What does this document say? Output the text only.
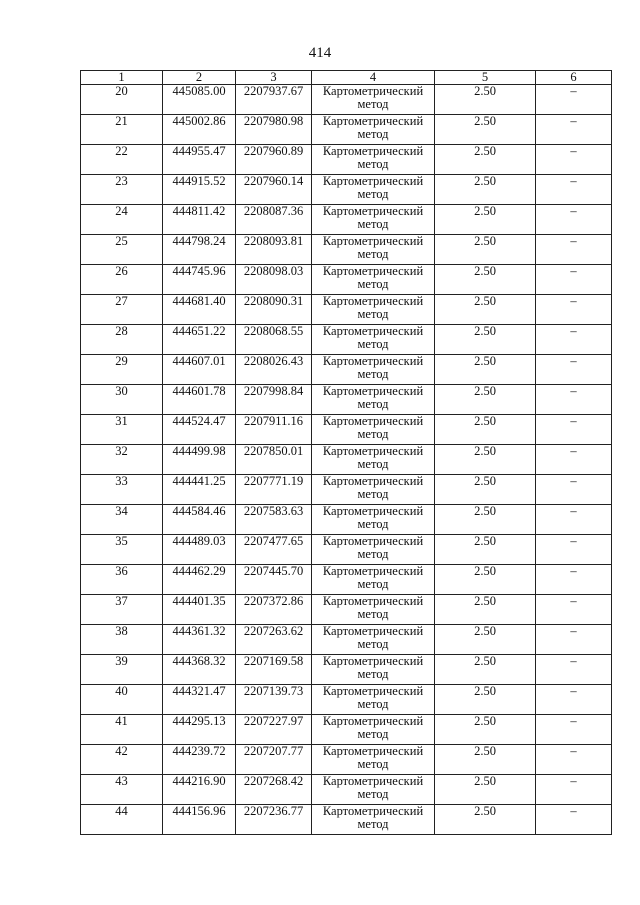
414
1	2	3	4	5	6
20	445085.00	2207937.67	Картометрический метод	2.50	–
21	445002.86	2207980.98	Картометрический метод	2.50	–
22	444955.47	2207960.89	Картометрический метод	2.50	–
23	444915.52	2207960.14	Картометрический метод	2.50	–
24	444811.42	2208087.36	Картометрический метод	2.50	–
25	444798.24	2208093.81	Картометрический метод	2.50	–
26	444745.96	2208098.03	Картометрический метод	2.50	–
27	444681.40	2208090.31	Картометрический метод	2.50	–
28	444651.22	2208068.55	Картометрический метод	2.50	–
29	444607.01	2208026.43	Картометрический метод	2.50	–
30	444601.78	2207998.84	Картометрический метод	2.50	–
31	444524.47	2207911.16	Картометрический метод	2.50	–
32	444499.98	2207850.01	Картометрический метод	2.50	–
33	444441.25	2207771.19	Картометрический метод	2.50	–
34	444584.46	2207583.63	Картометрический метод	2.50	–
35	444489.03	2207477.65	Картометрический метод	2.50	–
36	444462.29	2207445.70	Картометрический метод	2.50	–
37	444401.35	2207372.86	Картометрический метод	2.50	–
38	444361.32	2207263.62	Картометрический метод	2.50	–
39	444368.32	2207169.58	Картометрический метод	2.50	–
40	444321.47	2207139.73	Картометрический метод	2.50	–
41	444295.13	2207227.97	Картометрический метод	2.50	–
42	444239.72	2207207.77	Картометрический метод	2.50	–
43	444216.90	2207268.42	Картометрический метод	2.50	–
44	444156.96	2207236.77	Картометрический метод	2.50	–
